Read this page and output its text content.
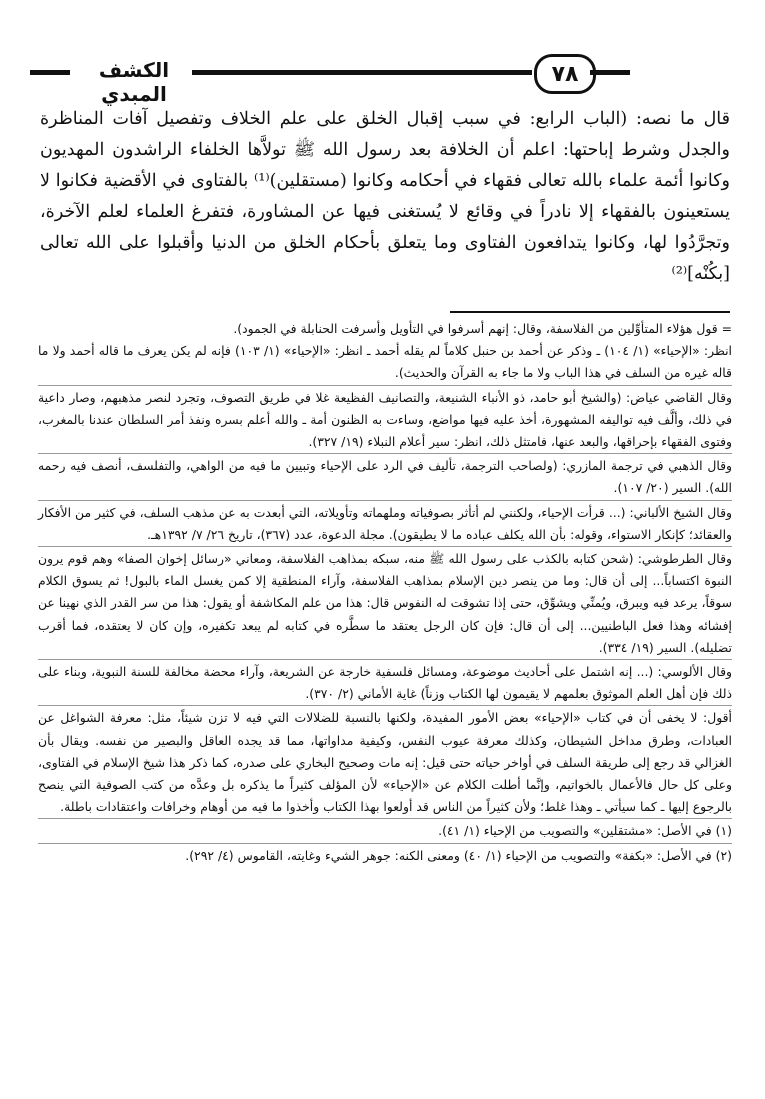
الكشف المبدي
٧٨

قال ما نصه: (الباب الرابع: في سبب إقبال الخلق على علم الخلاف وتفصيل آفات المناظرة والجدل وشرط إباحتها: اعلم أن الخلافة بعد رسول الله ﷺ تولاَّها الخلفاء الراشدون المهديون وكانوا أئمة علماء بالله تعالى فقهاء في أحكامه وكانوا (مستقلين)⁽¹⁾ بالفتاوى في الأقضية فكانوا لا يستعينون بالفقهاء إلا نادراً في وقائع لا يُستغنى فيها عن المشاورة، فتفرغ العلماء لعلم الآخرة، وتجرَّدُوا لها، وكانوا يتدافعون الفتاوى وما يتعلق بأحكام الخلق من الدنيا وأقبلوا على الله تعالى [بكُنْه]⁽²⁾

= قول هؤلاء المتأوِّلين من الفلاسفة، وقال: إنهم أسرفوا في التأويل وأسرفت الحنابلة في الجمود).

انظر: «الإحياء» (١/ ١٠٤) ـ وذكر عن أحمد بن حنبل كلاماً لم يقله أحمد ـ انظر: «الإحياء» (١/ ١٠٣) فإنه لم يكن يعرف ما قاله أحمد ولا ما قاله غيره من السلف في هذا الباب ولا ما جاء به القرآن والحديث).

وقال القاضي عياض: (والشيخ أبو حامد، ذو الأنباء الشنيعة، والتصانيف الفظيعة غلا في طريق التصوف، وتجرد لنصر مذهبهم، وصار داعية في ذلك، وألَّف فيه تواليفه المشهورة، أخذ عليه فيها مواضع، وساءت به الظنون أمة ـ والله أعلم بسره ونفذ أمر السلطان عندنا بالمغرب، وفتوى الفقهاء بإحراقها، والبعد عنها، فامتثل ذلك، انظر: سير أعلام النبلاء (١٩/ ٣٢٧).

وقال الذهبي في ترجمة المازري: (ولصاحب الترجمة، تأليف في الرد على الإحياء وتبيين ما فيه من الواهي، والتفلسف، أنصف فيه رحمه الله). السير (٢٠/ ١٠٧).

وقال الشيخ الألباني: (... قرأت الإحياء، ولكنني لم أتأثر بصوفياته وملهماته وتأويلاته، التي أبعدت به عن مذهب السلف، في كثير من الأفكار والعقائد؛ كإنكار الاستواء، وقوله: بأن الله يكلف عباده ما لا يطيقون). مجلة الدعوة، عدد (٣٦٧)، تاريخ ٢٦/ ٧/ ١٣٩٢هـ.

وقال الطرطوشي: (شحن كتابه بالكذب على رسول الله ﷺ منه، سبكه بمذاهب الفلاسفة، ومعاني «رسائل إخوان الصفا» وهم قوم يرون النبوة اكتساباً... إلى أن قال: وما من ينصر دين الإسلام بمذاهب الفلاسفة، وآراء المنطقية إلا كمن يغسل الماء بالبول! ثم يسوق الكلام سوقاً، يرعد فيه ويبرق، ويُمنِّي ويشوِّق، حتى إذا تشوقت له النفوس قال: هذا من علم المكاشفة أو يقول: هذا من سر القدر الذي نهينا عن إفشائه وهذا فعل الباطنيين... إلى أن قال: فإن كان الرجل يعتقد ما سطَّره في كتابه لم يبعد تكفيره، وإن كان لا يعتقده، فما أقرب تضليله). السير (١٩/ ٣٣٤).

وقال الألوسي: (... إنه اشتمل على أحاديث موضوعة، ومسائل فلسفية خارجة عن الشريعة، وآراء محضة مخالفة للسنة النبوية، وبناء على ذلك فإن أهل العلم الموثوق بعلمهم لا يقيمون لها الكتاب وزناً) غاية الأماني (٢/ ٣٧٠).

أقول: لا يخفى أن في كتاب «الإحياء» بعض الأمور المفيدة، ولكنها بالنسبة للضلالات التي فيه لا تزن شيئاً، مثل: معرفة الشواغل عن العبادات، وطرق مداخل الشيطان، وكذلك معرفة عيوب النفس، وكيفية مداواتها، مما قد يجده العاقل والبصير من نفسه. ويقال بأن الغزالي قد رجع إلى طريقة السلف في أواخر حياته حتى قيل: إنه مات وصحيح البخاري على صدره، كما ذكر هذا شيخ الإسلام في الفتاوى، وعلى كل حال فالأعمال بالخواتيم، وإنَّما أطلت الكلام عن «الإحياء» لأن المؤلف كثيراً ما يذكره بل وعدَّه من كتب الصوفية التي ينصح بالرجوع إليها ـ كما سيأتي ـ وهذا غلط؛ ولأن كثيراً من الناس قد أولعوا بهذا الكتاب وأخذوا ما فيه من أوهام وخرافات واعتقادات باطلة.

(١) في الأصل: «مشتقلين» والتصويب من الإحياء (١/ ٤١).

(٢) في الأصل: «بكفة» والتصويب من الإحياء (١/ ٤٠) ومعنى الكنه: جوهر الشيء وغايته، القاموس (٤/ ٢٩٢).
